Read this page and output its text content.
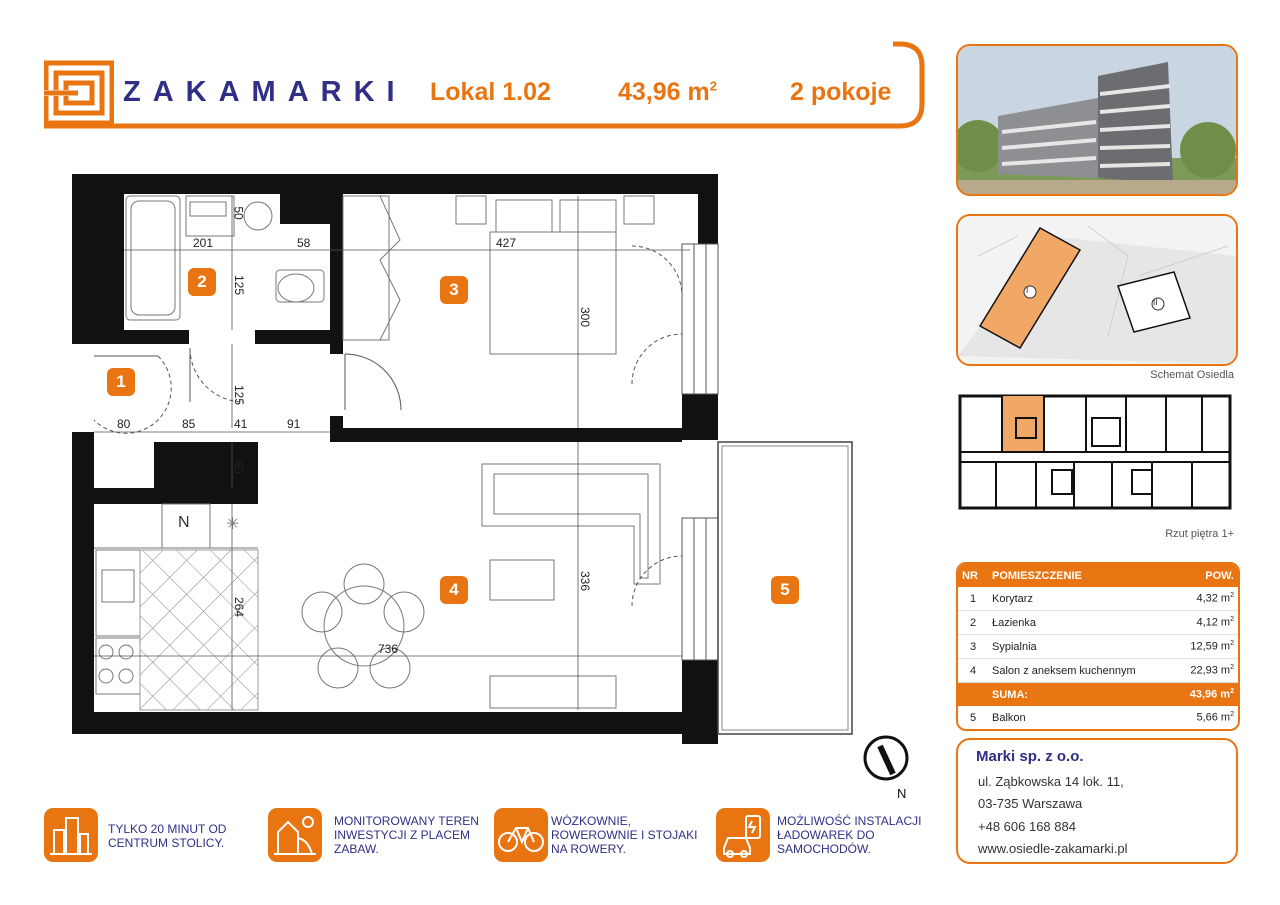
ZAKAMARKI Lokal 1.02	43,96 $m^2$	2 pokoje
1
2	3
4	5
50
201	58	427
125
300
125
80	85	41	91
60
264
336
736
N ✳
N
I
II
Schemat Osiedla
Rzut piętra 1+
NR	POMIESZCZENIE	POW.
1	Korytarz	4,32 $m^2$
2	Łazienka	4,12 $m^2$
3	Sypialnia	12,59 $m^2$
4	Salon z aneksem kuchennym	22,93 $m^2$
	SUMA:	43,96 $m^2$
5	Balkon	5,66 $m^2$
Marki sp. z o.o.
ul. Ząbkowska 14 lok. 11,
03-735 Warszawa
+48 606 168 884
www.osiedle-zakamarki.pl
TYLKO 20 MINUT OD
CENTRUM STOLICY.
MONITOROWANY TEREN
INWESTYCJI Z PLACEM
ZABAW.
WÓZKOWNIE,
ROWEROWNIE I STOJAKI
NA ROWERY.
MOŻLIWOŚĆ INSTALACJI
ŁADOWAREK DO
SAMOCHODÓW.
